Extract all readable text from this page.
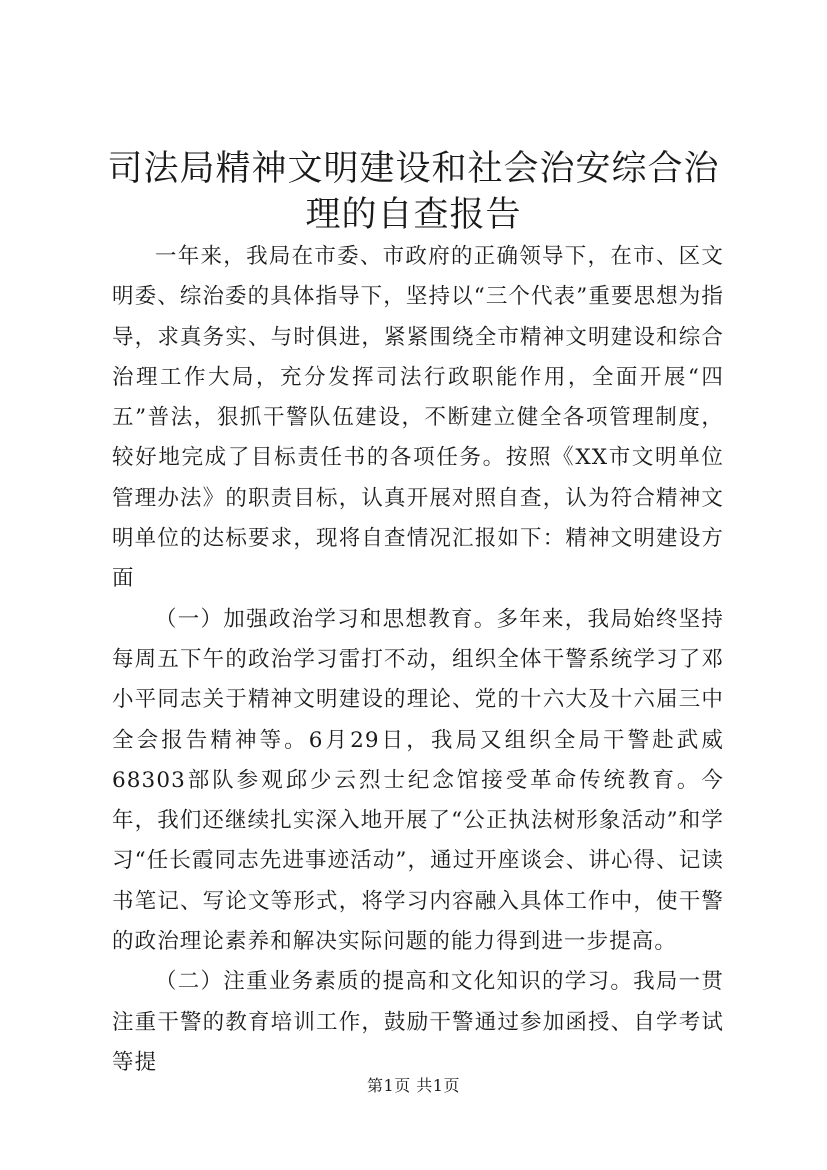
司法局精神文明建设和社会治安综合治理的自查报告

一年来，我局在市委、市政府的正确领导下，在市、区文明委、综治委的具体指导下，坚持以“三个代表”重要思想为指导，求真务实、与时俱进，紧紧围绕全市精神文明建设和综合治理工作大局，充分发挥司法行政职能作用，全面开展“四五”普法，狠抓干警队伍建设，不断建立健全各项管理制度，较好地完成了目标责任书的各项任务。按照《XX市文明单位管理办法》的职责目标，认真开展对照自查，认为符合精神文明单位的达标要求，现将自查情况汇报如下：精神文明建设方面

（一）加强政治学习和思想教育。多年来，我局始终坚持每周五下午的政治学习雷打不动，组织全体干警系统学习了邓小平同志关于精神文明建设的理论、党的十六大及十六届三中全会报告精神等。6月29日，我局又组织全局干警赴武威68303部队参观邱少云烈士纪念馆接受革命传统教育。今年，我们还继续扎实深入地开展了“公正执法树形象活动”和学习“任长霞同志先进事迹活动”，通过开座谈会、讲心得、记读书笔记、写论文等形式，将学习内容融入具体工作中，使干警的政治理论素养和解决实际问题的能力得到进一步提高。

（二）注重业务素质的提高和文化知识的学习。我局一贯注重干警的教育培训工作，鼓励干警通过参加函授、自学考试等提

第1页 共1页
